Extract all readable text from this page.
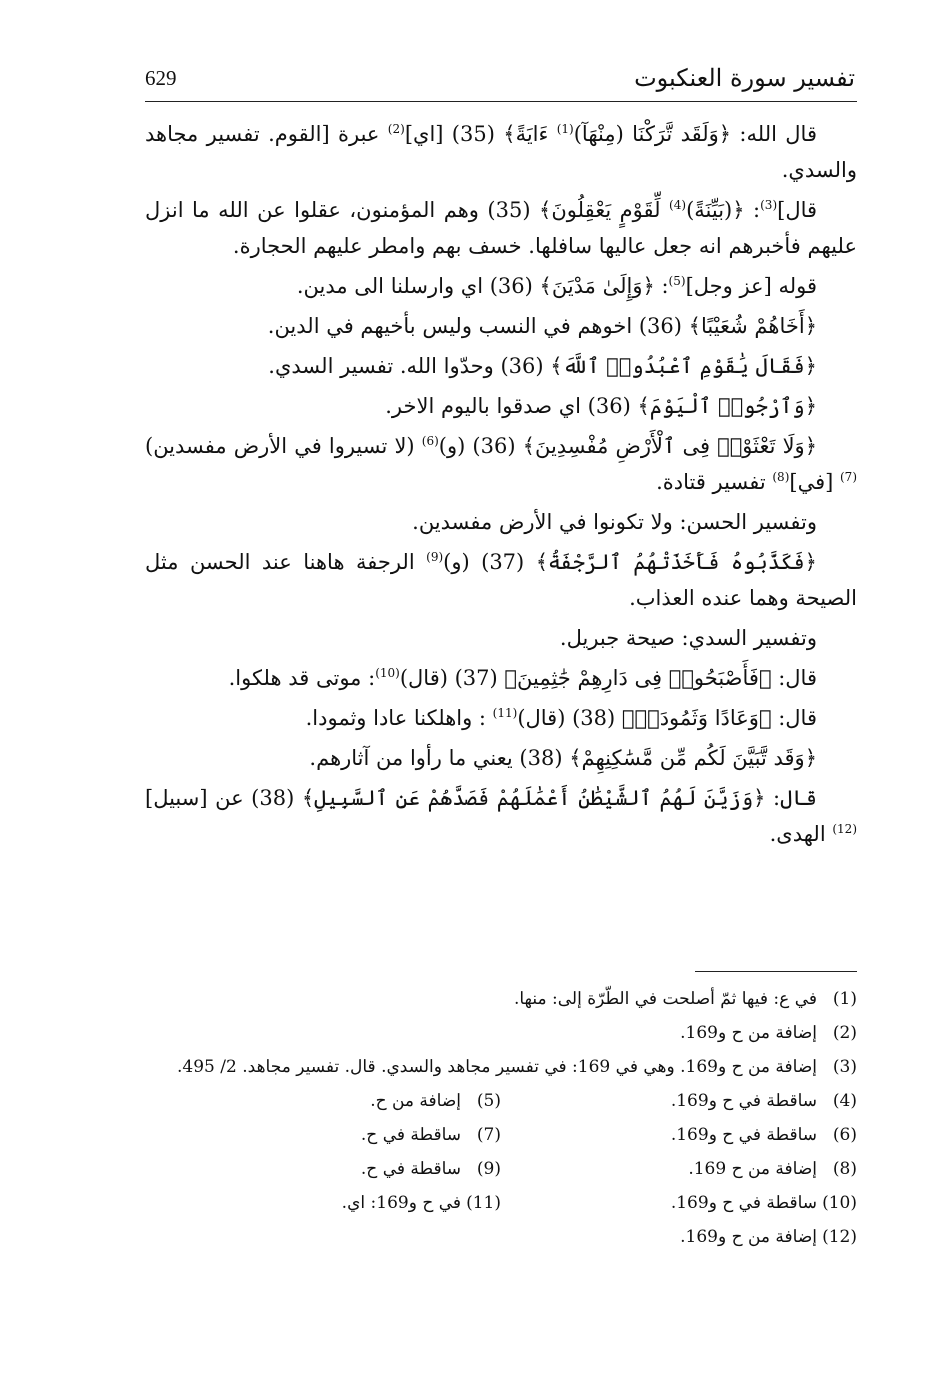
تفسير سورة العنكبوت
629

قال الله: ﴿وَلَقَد تَّرَكْنَا (مِنْهَآ)$^{(1)}$ ءَايَةً﴾ (35) [اي]$^{(2)}$ عبرة [القوم. تفسير مجاهد والسدي.

قال]$^{(3)}$: ﴿(بَيِّنَةً)$^{(4)}$ لِّقَوْمٍ يَعْقِلُونَ﴾ (35) وهم المؤمنون، عقلوا عن الله ما انزل عليهم فأخبرهم انه جعل عاليها سافلها. خسف بهم وامطر عليهم الحجارة.

قوله [عز وجل]$^{(5)}$: ﴿وَإِلَىٰ مَدْيَنَ﴾ (36) اي وارسلنا الى مدين.

﴿أَخَاهُمْ شُعَيْبًا﴾ (36) اخوهم في النسب وليس بأخيهم في الدين.

﴿فَقَالَ يَٰقَوْمِ ٱعْبُدُوا۟ ٱللَّهَ﴾ (36) وحدّوا الله. تفسير السدي.

﴿وَٱرْجُوا۟ ٱلْيَوْمَ﴾ (36) اي صدقوا باليوم الاخر.

﴿وَلَا تَعْثَوْا۟ فِى ٱلْأَرْضِ مُفْسِدِينَ﴾ (36) (و)$^{(6)}$ (لا تسيروا في الأرض مفسدين)$^{(7)}$ [في]$^{(8)}$ تفسير قتادة.

وتفسير الحسن: ولا تكونوا في الأرض مفسدين.

﴿فَكَذَّبُوهُ فَأَخَذَتْهُمُ ٱلرَّجْفَةُ﴾ (37) (و)$^{(9)}$ الرجفة هاهنا عند الحسن مثل الصيحة وهما عنده العذاب.

وتفسير السدي: صيحة جبريل.

قال: ﴿فَأَصْبَحُوا۟ فِى دَارِهِمْ جَٰثِمِينَ﴾ (37) (قال)$^{(10)}$: موتى قد هلكوا.

قال: ﴿وَعَادًا وَثَمُودَا۟﴾ (38) (قال)$^{(11)}$ : واهلكنا عادا وثمودا.

﴿وَقَد تَّبَيَّنَ لَكُم مِّن مَّسَٰكِنِهِمْ﴾ (38) يعني ما رأوا من آثارهم.

قال: ﴿وَزَيَّنَ لَهُمُ ٱلشَّيْطَٰنُ أَعْمَٰلَهُمْ فَصَدَّهُمْ عَنِ ٱلسَّبِيلِ﴾ (38) عن [سبيل]$^{(12)}$ الهدى.

(1)
في ع: فيها ثمّ أصلحت في الطّرّة إلى: منها.
(2)
إضافة من ح و169.
(3)
إضافة من ح و169. وهي في 169: في تفسير مجاهد والسدي. قال. تفسير مجاهد. 2/ 495.
(4)
ساقطة في ح و169.
(5)
إضافة من ح.
(6)
ساقطة في ح و169.
(7)
ساقطة في ح.
(8)
إضافة من ح 169.
(9)
ساقطة في ح.
(10)
ساقطة في ح و169.
(11)
في ح و169: اي.
(12)
إضافة من ح و169.
